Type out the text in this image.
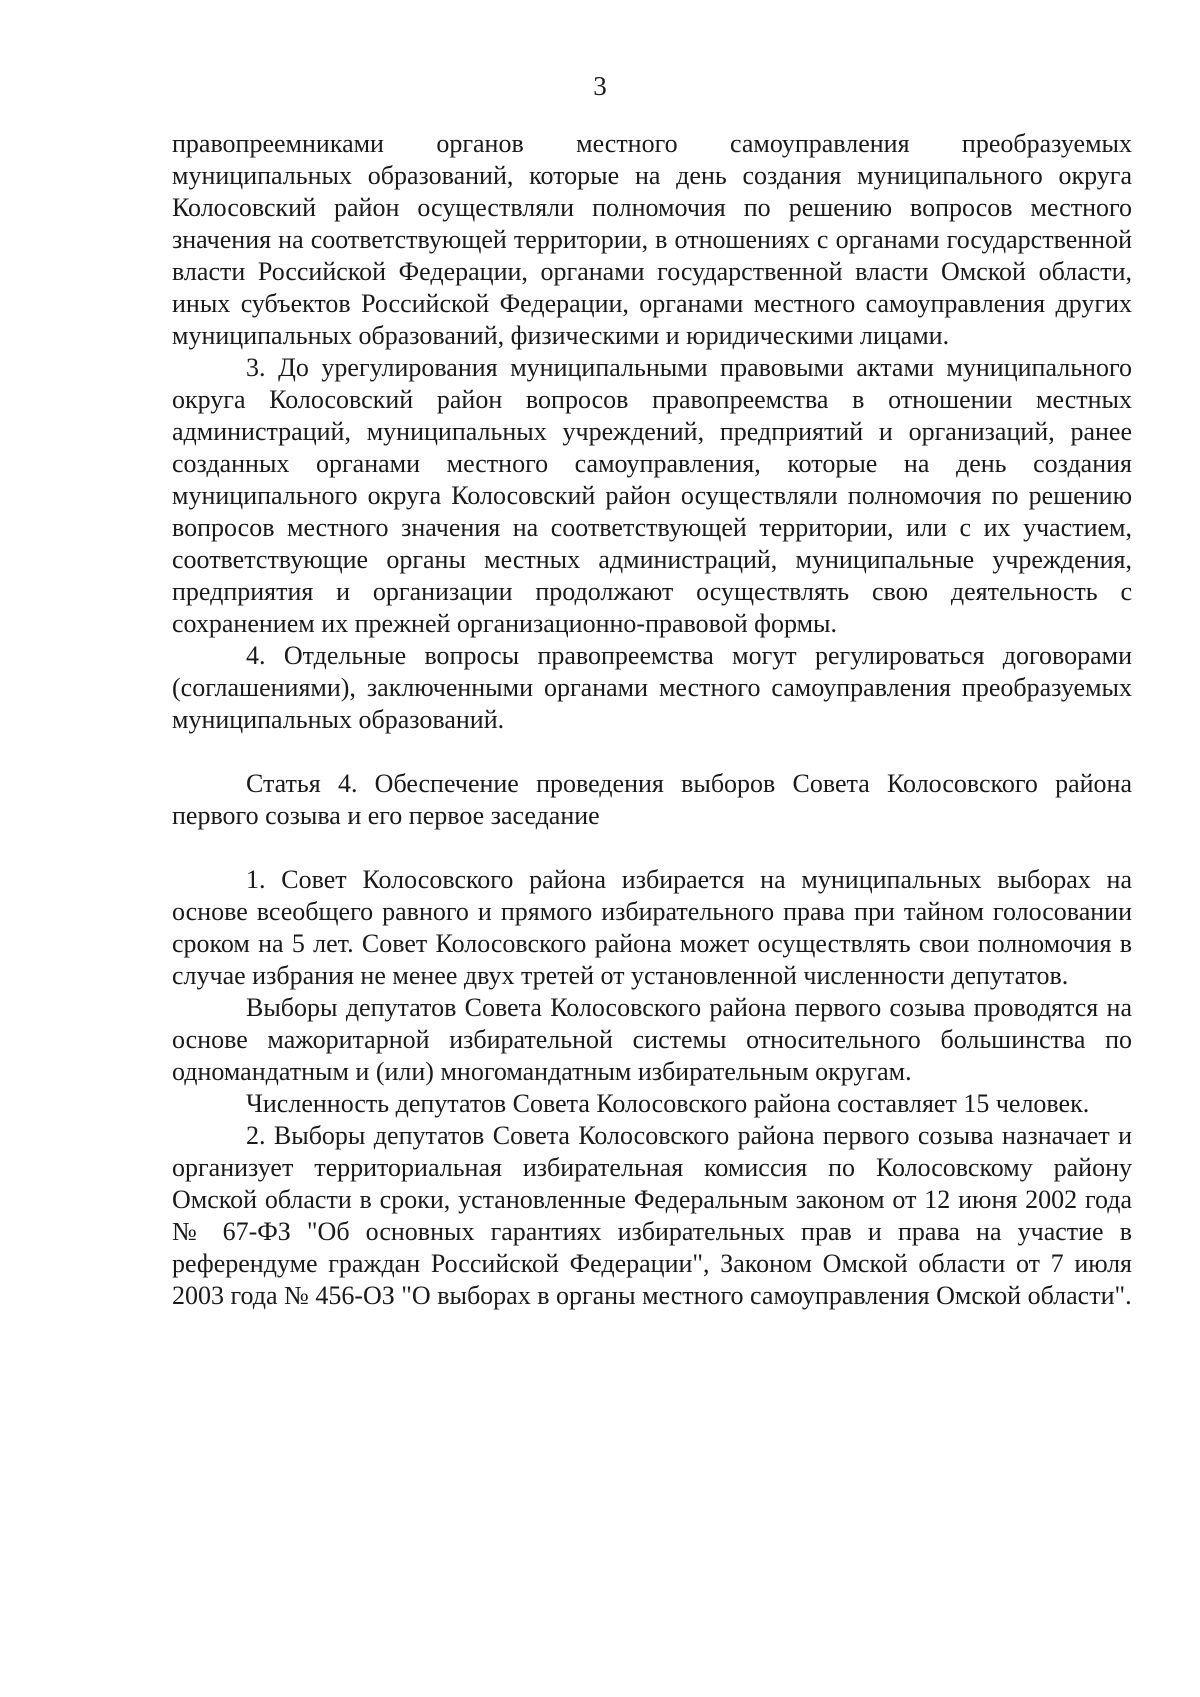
3

правопреемниками органов местного самоуправления преобразуемых муниципальных образований, которые на день создания муниципального округа Колосовский район осуществляли полномочия по решению вопросов местного значения на соответствующей территории, в отношениях с органами государственной власти Российской Федерации, органами государственной власти Омской области, иных субъектов Российской Федерации, органами местного самоуправления других муниципальных образований, физическими и юридическими лицами.

3. До урегулирования муниципальными правовыми актами муниципального округа Колосовский район вопросов правопреемства в отношении местных администраций, муниципальных учреждений, предприятий и организаций, ранее созданных органами местного самоуправления, которые на день создания муниципального округа Колосовский район осуществляли полномочия по решению вопросов местного значения на соответствующей территории, или с их участием, соответствующие органы местных администраций, муниципальные учреждения, предприятия и организации продолжают осуществлять свою деятельность с сохранением их прежней организационно-правовой формы.

4. Отдельные вопросы правопреемства могут регулироваться договорами (соглашениями), заключенными органами местного самоуправления преобразуемых муниципальных образований.

Статья 4. Обеспечение проведения выборов Совета Колосовского района первого созыва и его первое заседание

1. Совет Колосовского района избирается на муниципальных выборах на основе всеобщего равного и прямого избирательного права при тайном голосовании сроком на 5 лет. Совет Колосовского района может осуществлять свои полномочия в случае избрания не менее двух третей от установленной численности депутатов.

Выборы депутатов Совета Колосовского района первого созыва проводятся на основе мажоритарной избирательной системы относительного большинства по одномандатным и (или) многомандатным избирательным округам.

Численность депутатов Совета Колосовского района составляет 15 человек.

2. Выборы депутатов Совета Колосовского района первого созыва назначает и организует территориальная избирательная комиссия по Колосовскому району Омской области в сроки, установленные Федеральным законом от 12 июня 2002 года № 67-ФЗ "Об основных гарантиях избирательных прав и права на участие в референдуме граждан Российской Федерации", Законом Омской области от 7 июля 2003 года № 456-ОЗ "О выборах в органы местного самоуправления Омской области".
